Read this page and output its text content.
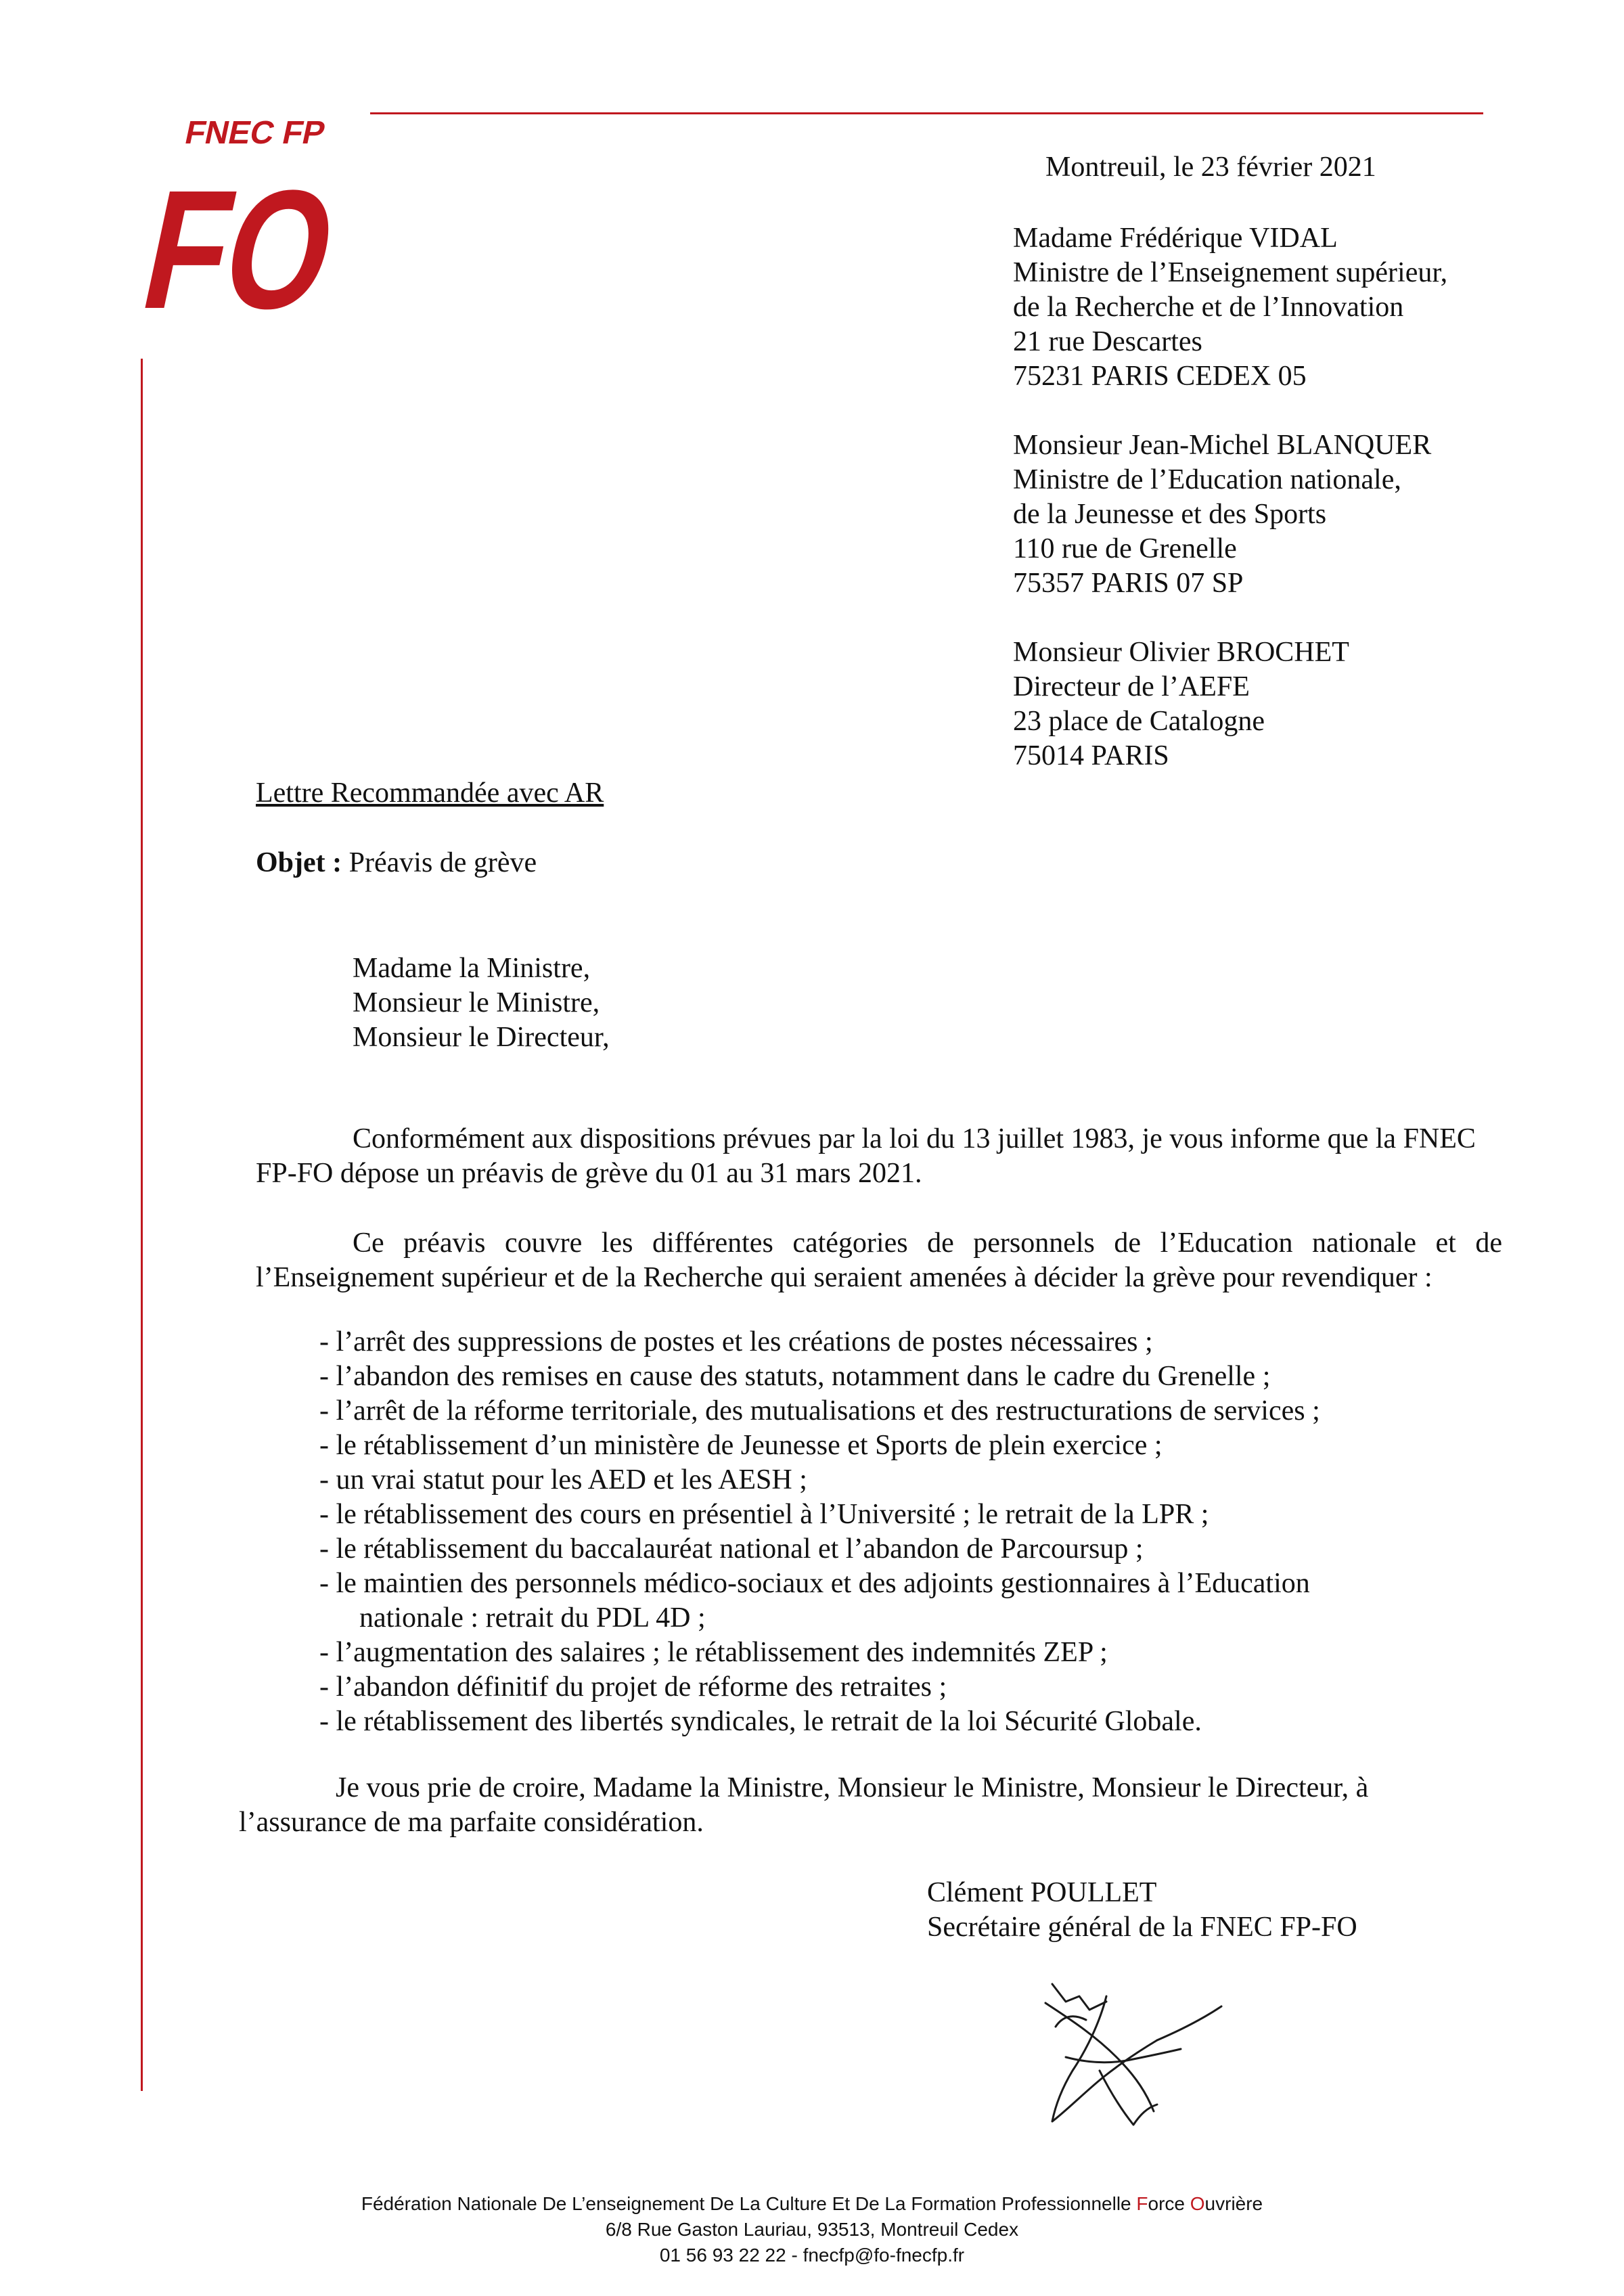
FNEC FP
FO	Montreuil, le 23 février 2021
Madame Frédérique VIDAL
Ministre de l’Enseignement supérieur,
de la Recherche et de l’Innovation
21 rue Descartes
75231 PARIS CEDEX 05
Monsieur Jean-Michel BLANQUER
Ministre de l’Education nationale,
de la Jeunesse et des Sports
110 rue de Grenelle
75357 PARIS 07 SP
Monsieur Olivier BROCHET
Directeur de l’AEFE
23 place de Catalogne
75014 PARIS
Lettre Recommandée avec AR
Objet : Préavis de grève
Madame la Ministre,
Monsieur le Ministre,
Monsieur le Directeur,
Conformément aux dispositions prévues par la loi du 13 juillet 1983, je vous informe que la FNEC FP-FO dépose un préavis de grève du 01 au 31 mars 2021.
Ce préavis couvre les différentes catégories de personnels de l’Education nationale et de l’Enseignement supérieur et de la Recherche qui seraient amenées à décider la grève pour revendiquer :
- l’arrêt des suppressions de postes et les créations de postes nécessaires ;
- l’abandon des remises en cause des statuts, notamment dans le cadre du Grenelle ;
- l’arrêt de la réforme territoriale, des mutualisations et des restructurations de services ;
- le rétablissement d’un ministère de Jeunesse et Sports de plein exercice ;
- un vrai statut pour les AED et les AESH ;
- le rétablissement des cours en présentiel à l’Université ; le retrait de la LPR ;
- le rétablissement du baccalauréat national et l’abandon de Parcoursup ;
- le maintien des personnels médico-sociaux et des adjoints gestionnaires à l’Education
nationale : retrait du PDL 4D ;
- l’augmentation des salaires ; le rétablissement des indemnités ZEP ;
- l’abandon définitif du projet de réforme des retraites ;
- le rétablissement des libertés syndicales, le retrait de la loi Sécurité Globale.
Je vous prie de croire, Madame la Ministre, Monsieur le Ministre, Monsieur le Directeur, à l’assurance de ma parfaite considération.
Clément POULLET
Secrétaire général de la FNEC FP-FO
Fédération Nationale De L’enseignement De La Culture Et De La Formation Professionnelle Force Ouvrière
6/8 Rue Gaston Lauriau, 93513, Montreuil Cedex
01 56 93 22 22 - fnecfp@fo-fnecfp.fr
